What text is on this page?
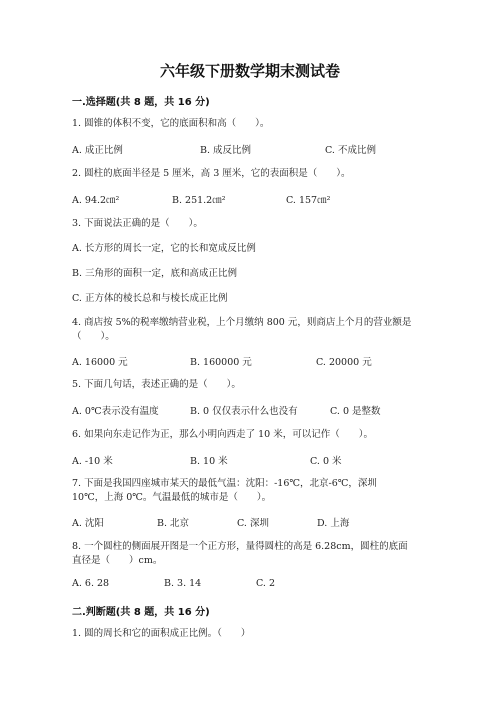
六年级下册数学期末测试卷
一.选择题(共 8 题，共 16 分)
1. 圆锥的体积不变，它的底面积和高（　　）。
A. 成正比例	B. 成反比例	C. 不成比例
2. 圆柱的底面半径是 5 厘米，高 3 厘米，它的表面积是（　　）。
A. 94.2㎝²	B. 251.2㎝²	C. 157㎝²
3. 下面说法正确的是（　　）。
A. 长方形的周长一定，它的长和宽成反比例
B. 三角形的面积一定，底和高成正比例
C. 正方体的棱长总和与棱长成正比例
4. 商店按 5%的税率缴纳营业税，上个月缴纳 800 元，则商店上个月的营业额是
（　　）。
A. 16000 元	B. 160000 元	C. 20000 元
5. 下面几句话，表述正确的是（　　）。
A. 0℃表示没有温度	B. 0 仅仅表示什么也没有	C. 0 是整数
6. 如果向东走记作为正，那么小明向西走了 10 米，可以记作（　　）。
A. -10 米	B. 10 米	C. 0 米
7. 下面是我国四座城市某天的最低气温：沈阳：-16℃，北京-6℃，深圳
10℃，上海 0℃。气温最低的城市是（　　）。
A. 沈阳	B. 北京	C. 深圳	D. 上海
8. 一个圆柱的侧面展开图是一个正方形，量得圆柱的高是 6.28cm，圆柱的底面
直径是（　　）cm。
A. 6. 28	B. 3. 14	C. 2
二.判断题(共 8 题，共 16 分)
1. 圆的周长和它的面积成正比例。（　　）
